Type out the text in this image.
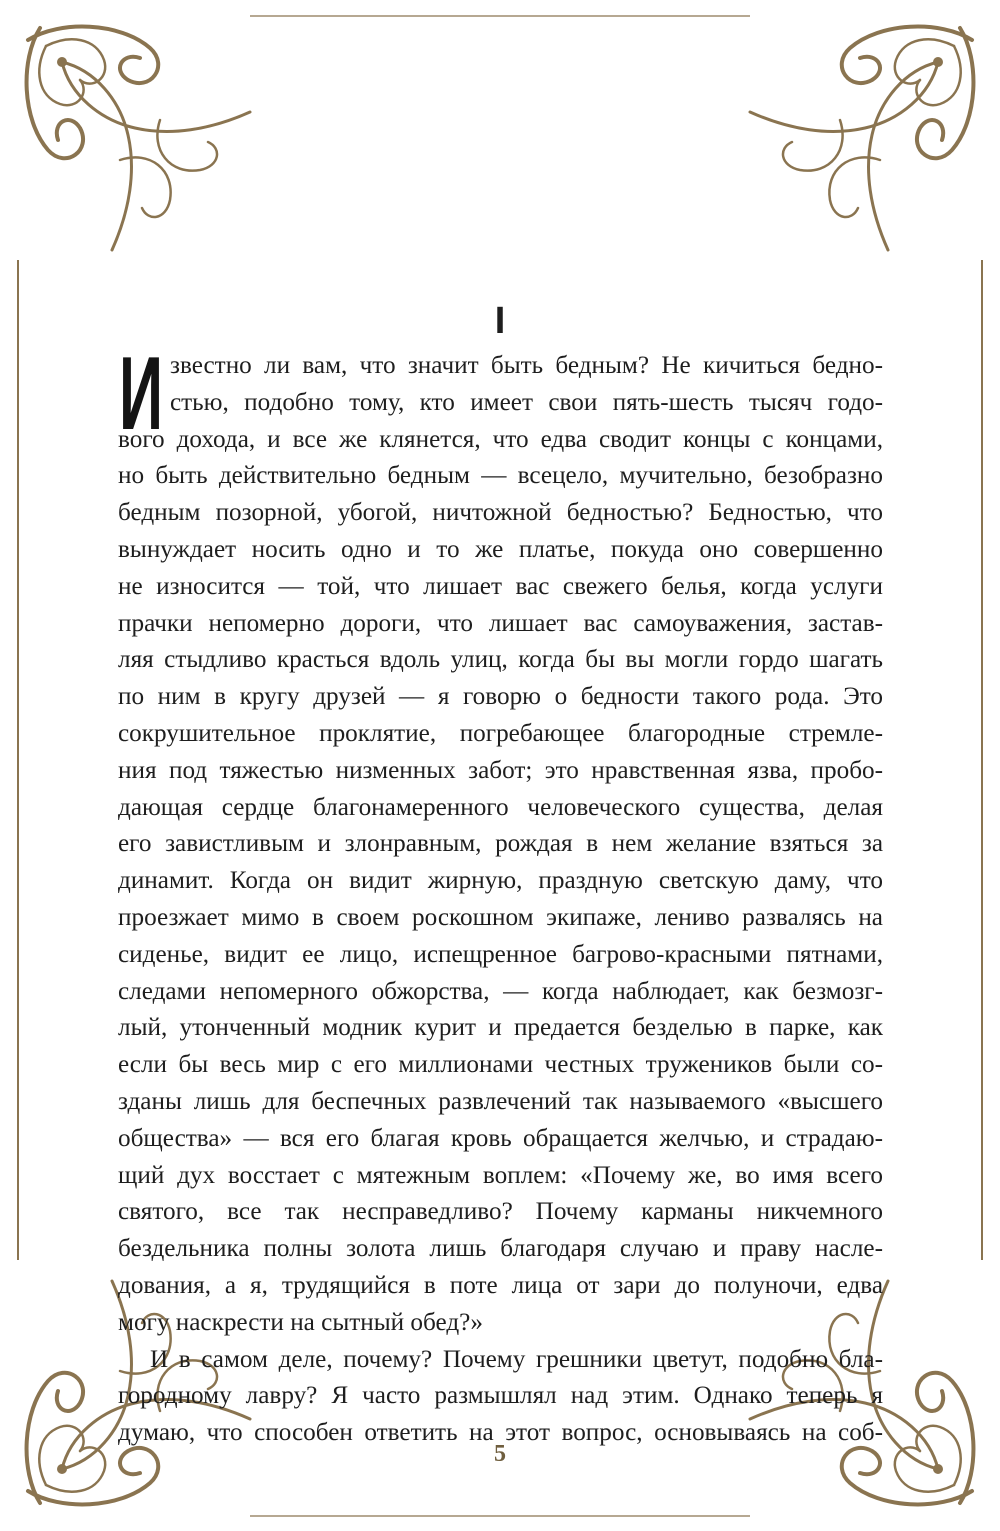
I
И звестно ли вам, что значит быть бедным? Не кичиться бедно-
стью, подобно тому, кто имеет свои пять-шесть тысяч годо-
вого дохода, и все же клянется, что едва сводит концы с концами,
но быть действительно бедным — всецело, мучительно, безобразно
бедным позорной, убогой, ничтожной бедностью? Бедностью, что
вынуждает носить одно и то же платье, покуда оно совершенно
не износится — той, что лишает вас свежего белья, когда услуги
прачки непомерно дороги, что лишает вас самоуважения, застав-
ляя стыдливо красться вдоль улиц, когда бы вы могли гордо шагать
по ним в кругу друзей — я говорю о бедности такого рода. Это
сокрушительное проклятие, погребающее благородные стремле-
ния под тяжестью низменных забот; это нравственная язва, пробо-
дающая сердце благонамеренного человеческого существа, делая
его завистливым и злонравным, рождая в нем желание взяться за
динамит. Когда он видит жирную, праздную светскую даму, что
проезжает мимо в своем роскошном экипаже, лениво развалясь на
сиденье, видит ее лицо, испещренное багрово-красными пятнами,
следами непомерного обжорства, — когда наблюдает, как безмозг-
лый, утонченный модник курит и предается безделью в парке, как
если бы весь мир с его миллионами честных тружеников были со-
зданы лишь для беспечных развлечений так называемого «высшего
общества» — вся его благая кровь обращается желчью, и страдаю-
щий дух восстает с мятежным воплем: «Почему же, во имя всего
святого, все так несправедливо? Почему карманы никчемного
бездельника полны золота лишь благодаря случаю и праву насле-
дования, а я, трудящийся в поте лица от зари до полуночи, едва
могу наскрести на сытный обед?»
И в самом деле, почему? Почему грешники цветут, подобно бла-
городному лавру? Я часто размышлял над этим. Однако теперь я
думаю, что способен ответить на этот вопрос, основываясь на соб-
5
